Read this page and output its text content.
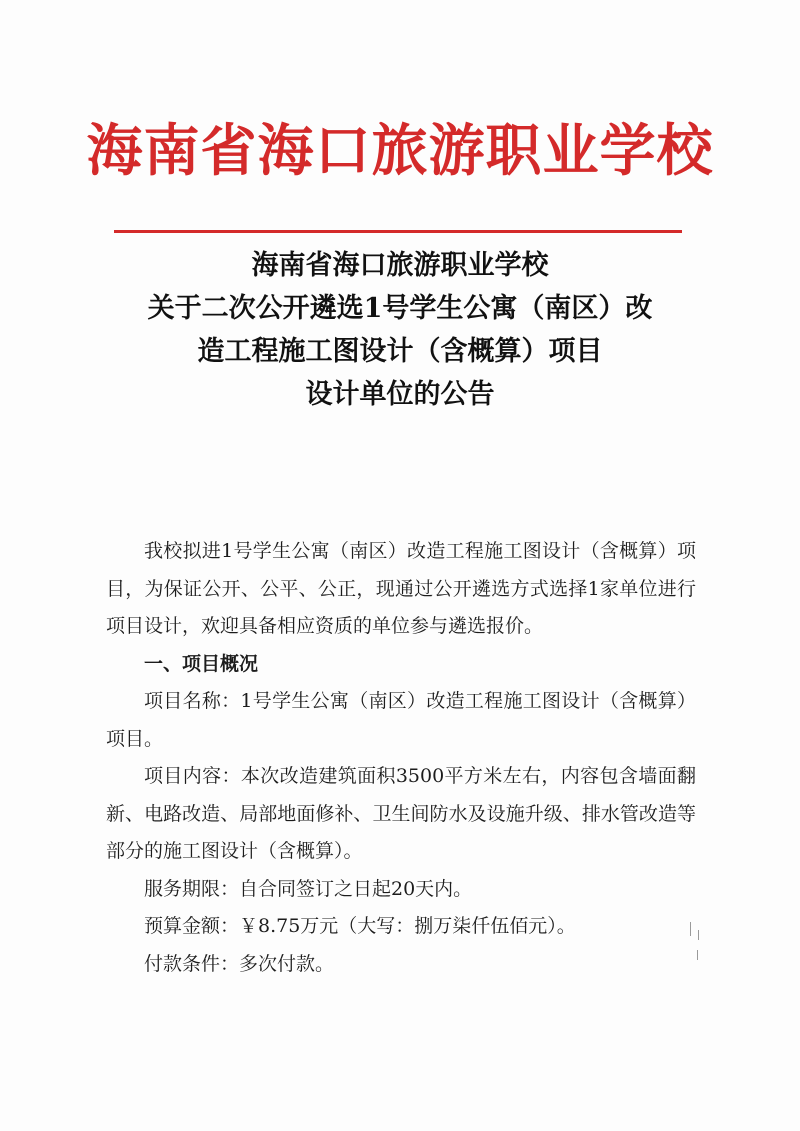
海南省海口旅游职业学校
海南省海口旅游职业学校
关于二次公开遴选1号学生公寓（南区）改
造工程施工图设计（含概算）项目
设计单位的公告

我校拟进1号学生公寓（南区）改造工程施工图设计（含概算）项目，为保证公开、公平、公正，现通过公开遴选方式选择1家单位进行项目设计，欢迎具备相应资质的单位参与遴选报价。

一、项目概况

项目名称：1号学生公寓（南区）改造工程施工图设计（含概算）项目。

项目内容：本次改造建筑面积3500平方米左右，内容包含墙面翻新、电路改造、局部地面修补、卫生间防水及设施升级、排水管改造等部分的施工图设计（含概算）。

服务期限：自合同签订之日起20天内。

预算金额：￥8.75万元（大写：捌万柒仟伍佰元）。

付款条件：多次付款。
